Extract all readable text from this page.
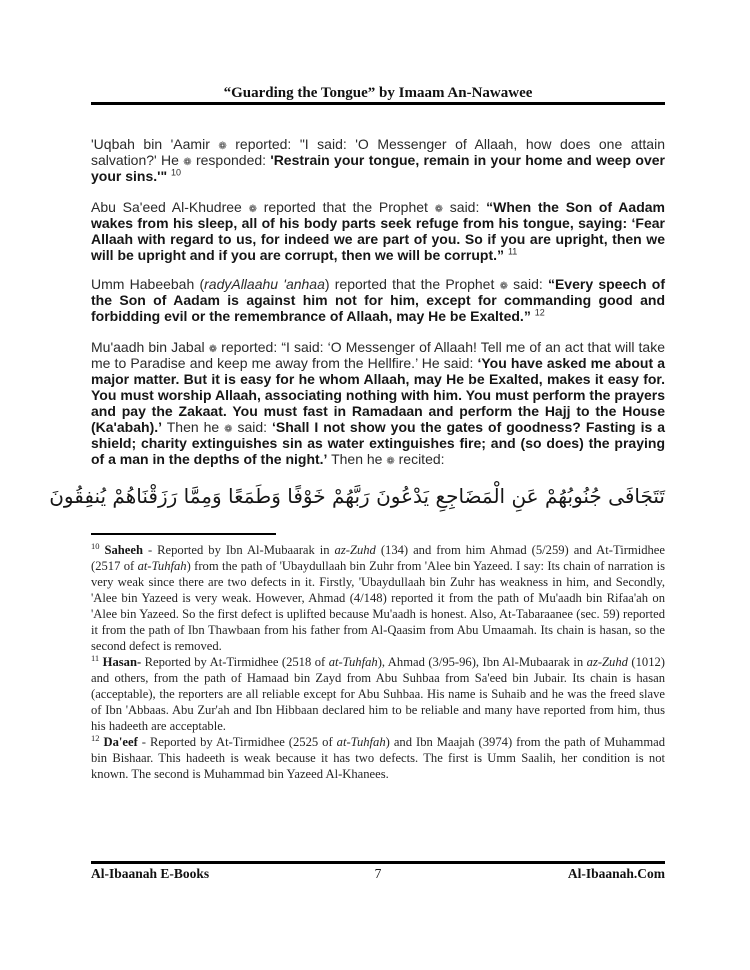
“Guarding the Tongue” by Imaam An-Nawawee
'Uqbah bin 'Aamir ❁ reported: "I said: 'O Messenger of Allaah, how does one attain salvation?' He ❁ responded: 'Restrain your tongue, remain in your home and weep over your sins.'" $^{10}$
Abu Sa'eed Al-Khudree ❁ reported that the Prophet ❁ said: “When the Son of Aadam wakes from his sleep, all of his body parts seek refuge from his tongue, saying: ‘Fear Allaah with regard to us, for indeed we are part of you. So if you are upright, then we will be upright and if you are corrupt, then we will be corrupt.” $^{11}$
Umm Habeebah (radyAllaahu 'anhaa) reported that the Prophet ❁ said: “Every speech of the Son of Aadam is against him not for him, except for commanding good and forbidding evil or the remembrance of Allaah, may He be Exalted.” $^{12}$
Mu'aadh bin Jabal ❁ reported: “I said: ‘O Messenger of Allaah! Tell me of an act that will take me to Paradise and keep me away from the Hellfire.’ He said: ‘You have asked me about a major matter. But it is easy for he whom Allaah, may He be Exalted, makes it easy for. You must worship Allaah, associating nothing with him. You must perform the prayers and pay the Zakaat. You must fast in Ramadaan and perform the Hajj to the House (Ka'abah).’ Then he ❁ said: ‘Shall I not show you the gates of goodness? Fasting is a shield; charity extinguishes sin as water extinguishes fire; and (so does) the praying of a man in the depths of the night.’ Then he ❁ recited:
تَتَجَافَى جُنُوبُهُمْ عَنِ الْمَضَاجِعِ يَدْعُونَ رَبَّهُمْ خَوْفًا وَطَمَعًا وَمِمَّا رَزَقْنَاهُمْ يُنفِقُونَ
$^{10}$ Saheeh - Reported by Ibn Al-Mubaarak in az-Zuhd (134) and from him Ahmad (5/259) and At-Tirmidhee (2517 of at-Tuhfah) from the path of 'Ubaydullaah bin Zuhr from 'Alee bin Yazeed. I say: Its chain of narration is very weak since there are two defects in it. Firstly, 'Ubaydullaah bin Zuhr has weakness in him, and Secondly, 'Alee bin Yazeed is very weak. However, Ahmad (4/148) reported it from the path of Mu'aadh bin Rifaa'ah on 'Alee bin Yazeed. So the first defect is uplifted because Mu'aadh is honest. Also, At-Tabaraanee (sec. 59) reported it from the path of Ibn Thawbaan from his father from Al-Qaasim from Abu Umaamah. Its chain is hasan, so the second defect is removed.
$^{11}$ Hasan- Reported by At-Tirmidhee (2518 of at-Tuhfah), Ahmad (3/95-96), Ibn Al-Mubaarak in az-Zuhd (1012) and others, from the path of Hamaad bin Zayd from Abu Suhbaa from Sa'eed bin Jubair. Its chain is hasan (acceptable), the reporters are all reliable except for Abu Suhbaa. His name is Suhaib and he was the freed slave of Ibn 'Abbaas. Abu Zur'ah and Ibn Hibbaan declared him to be reliable and many have reported from him, thus his hadeeth are acceptable.
$^{12}$ Da'eef - Reported by At-Tirmidhee (2525 of at-Tuhfah) and Ibn Maajah (3974) from the path of Muhammad bin Bishaar. This hadeeth is weak because it has two defects. The first is Umm Saalih, her condition is not known. The second is Muhammad bin Yazeed Al-Khanees.
Al-Ibaanah E-Books	7	Al-Ibaanah.Com
